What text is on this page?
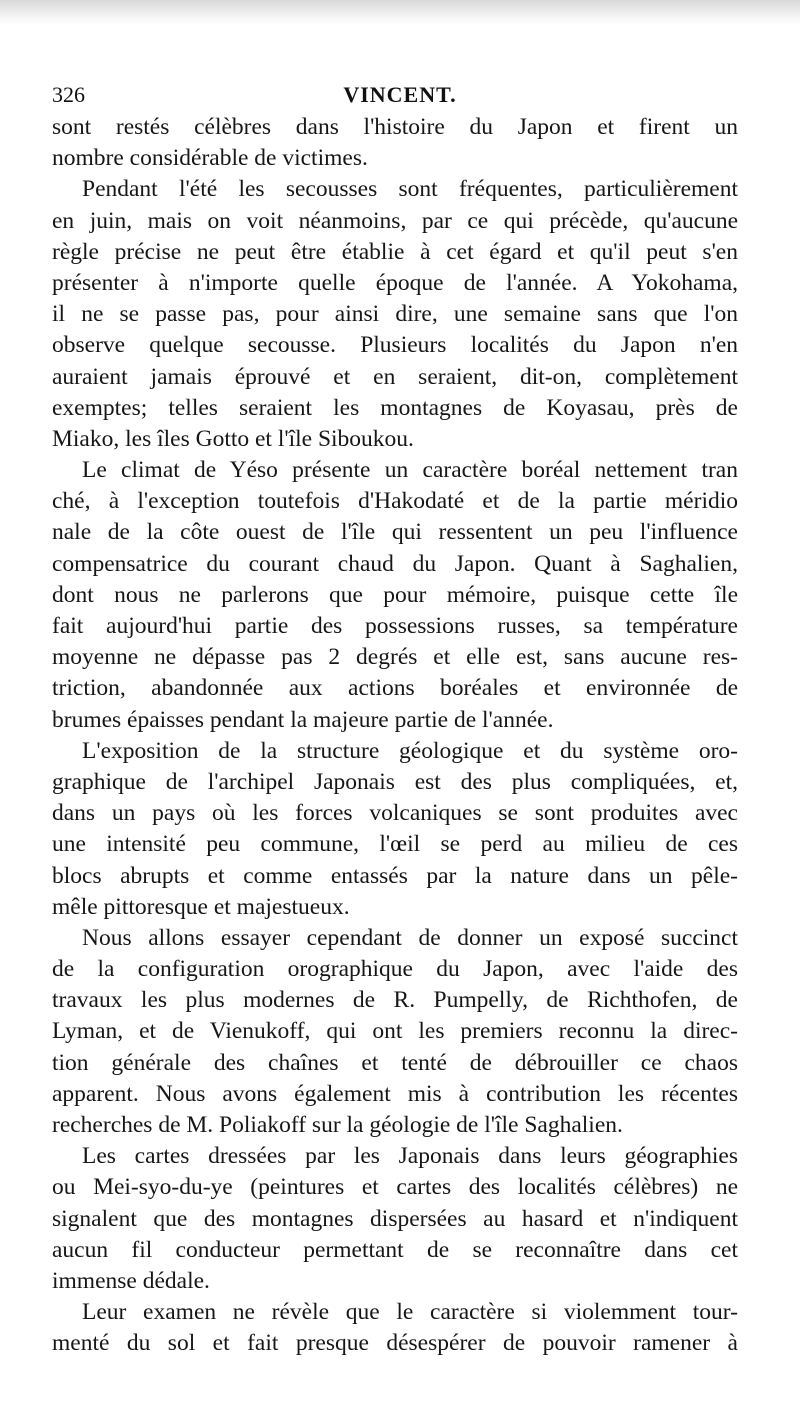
326	VINCENT.
sont restés célèbres dans l'histoire du Japon et firent un
nombre considérable de victimes.
Pendant l'été les secousses sont fréquentes, particulièrement
en juin, mais on voit néanmoins, par ce qui précède, qu'aucune
règle précise ne peut être établie à cet égard et qu'il peut s'en
présenter à n'importe quelle époque de l'année. A Yokohama,
il ne se passe pas, pour ainsi dire, une semaine sans que l'on
observe quelque secousse. Plusieurs localités du Japon n'en
auraient jamais éprouvé et en seraient, dit-on, complètement
exemptes; telles seraient les montagnes de Koyasau, près de
Miako, les îles Gotto et l'île Siboukou.
Le climat de Yéso présente un caractère boréal nettement tran
ché, à l'exception toutefois d'Hakodaté et de la partie méridio
nale de la côte ouest de l'île qui ressentent un peu l'influence
compensatrice du courant chaud du Japon. Quant à Saghalien,
dont nous ne parlerons que pour mémoire, puisque cette île
fait aujourd'hui partie des possessions russes, sa température
moyenne ne dépasse pas 2 degrés et elle est, sans aucune res-
triction, abandonnée aux actions boréales et environnée de
brumes épaisses pendant la majeure partie de l'année.
L'exposition de la structure géologique et du système oro-
graphique de l'archipel Japonais est des plus compliquées, et,
dans un pays où les forces volcaniques se sont produites avec
une intensité peu commune, l'œil se perd au milieu de ces
blocs abrupts et comme entassés par la nature dans un pêle-
mêle pittoresque et majestueux.
Nous allons essayer cependant de donner un exposé succinct
de la configuration orographique du Japon, avec l'aide des
travaux les plus modernes de R. Pumpelly, de Richthofen, de
Lyman, et de Vienukoff, qui ont les premiers reconnu la direc-
tion générale des chaînes et tenté de débrouiller ce chaos
apparent. Nous avons également mis à contribution les récentes
recherches de M. Poliakoff sur la géologie de l'île Saghalien.
Les cartes dressées par les Japonais dans leurs géographies
ou Mei-syo-du-ye (peintures et cartes des localités célèbres) ne
signalent que des montagnes dispersées au hasard et n'indiquent
aucun fil conducteur permettant de se reconnaître dans cet
immense dédale.
Leur examen ne révèle que le caractère si violemment tour-
menté du sol et fait presque désespérer de pouvoir ramener à
